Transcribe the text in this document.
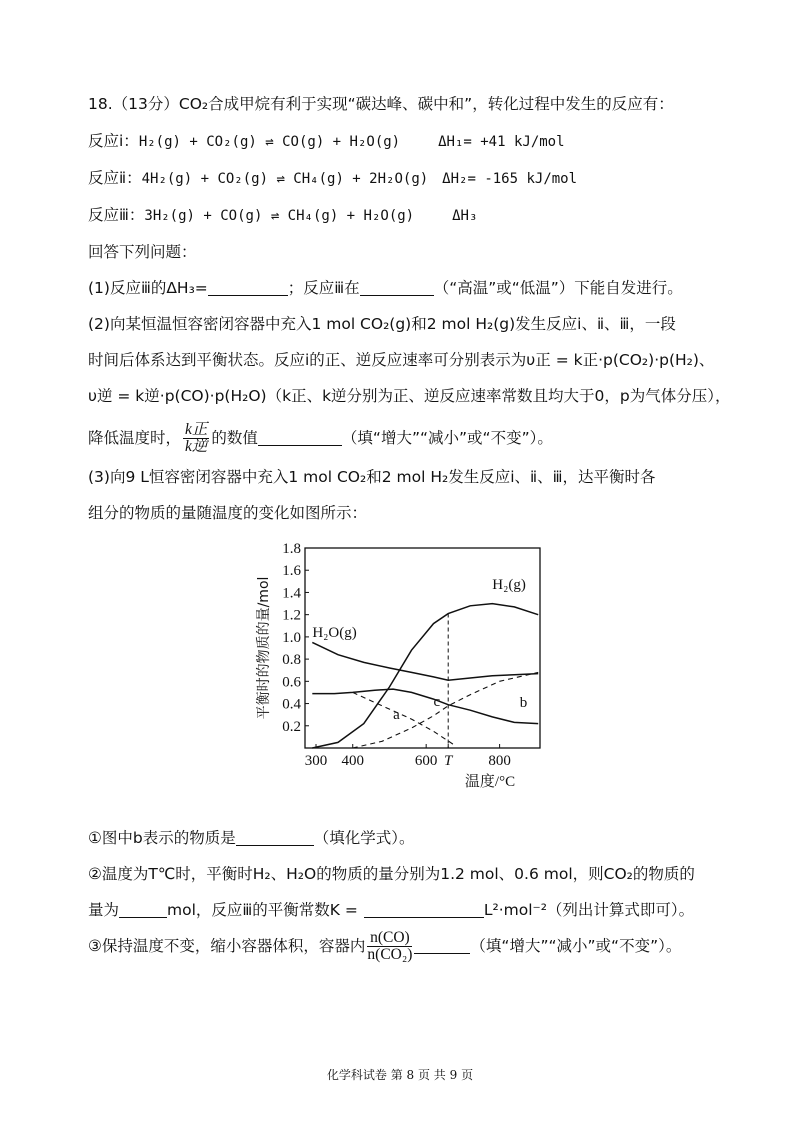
18.（13分）CO₂合成甲烷有利于实现“碳达峰、碳中和”，转化过程中发生的反应有：
反应ⅰ：H₂(g) + CO₂(g) ⇌ CO(g) + H₂O(g)	ΔH₁= +41 kJ/mol
反应ⅱ：4H₂(g) + CO₂(g) ⇌ CH₄(g) + 2H₂O(g) ΔH₂= -165 kJ/mol
反应ⅲ：3H₂(g) + CO(g) ⇌ CH₄(g) + H₂O(g)	ΔH₃
回答下列问题：
(1)反应ⅲ的ΔH₃=	；反应ⅲ在	（“高温”或“低温”）下能自发进行。
(2)向某恒温恒容密闭容器中充入1 mol CO₂(g)和2 mol H₂(g)发生反应ⅰ、ⅱ、ⅲ，一段
时间后体系达到平衡状态。反应ⅰ的正、逆反应速率可分别表示为υ正 = k正·p(CO₂)·p(H₂)、
υ逆 = k逆·p(CO)·p(H₂O)（k正、k逆分别为正、逆反应速率常数且均大于0，p为气体分压），
降低温度时， $\frac{\text{k正}}{\text{k逆}}$ 的数值	（填“增大”“减小”或“不变”）。
(3)向9 L恒容密闭容器中充入1 mol CO₂和2 mol H₂发生反应ⅰ、ⅱ、ⅲ，达平衡时各
组分的物质的量随温度的变化如图所示：
0.2
0.4
0.6
0.8
1.0
1.2
1.4
1.6
1.8
300 400	600 T 800
温度/°C
平衡时的物质的量/mol	H₂(g)
H₂O(g)
a
c	b
①图中b表示的物质是	（填化学式）。
②温度为T℃时，平衡时H₂、H₂O的物质的量分别为1.2 mol、0.6 mol，则CO₂的物质的
量为	mol，反应ⅲ的平衡常数K =	L²·mol⁻²（列出计算式即可）。
③保持温度不变，缩小容器体积，容器内 $\frac{n(CO)}{\text{n(CO₂)}}$	（填“增大”“减小”或“不变”）。
化学科试卷 第 8 页 共 9 页
